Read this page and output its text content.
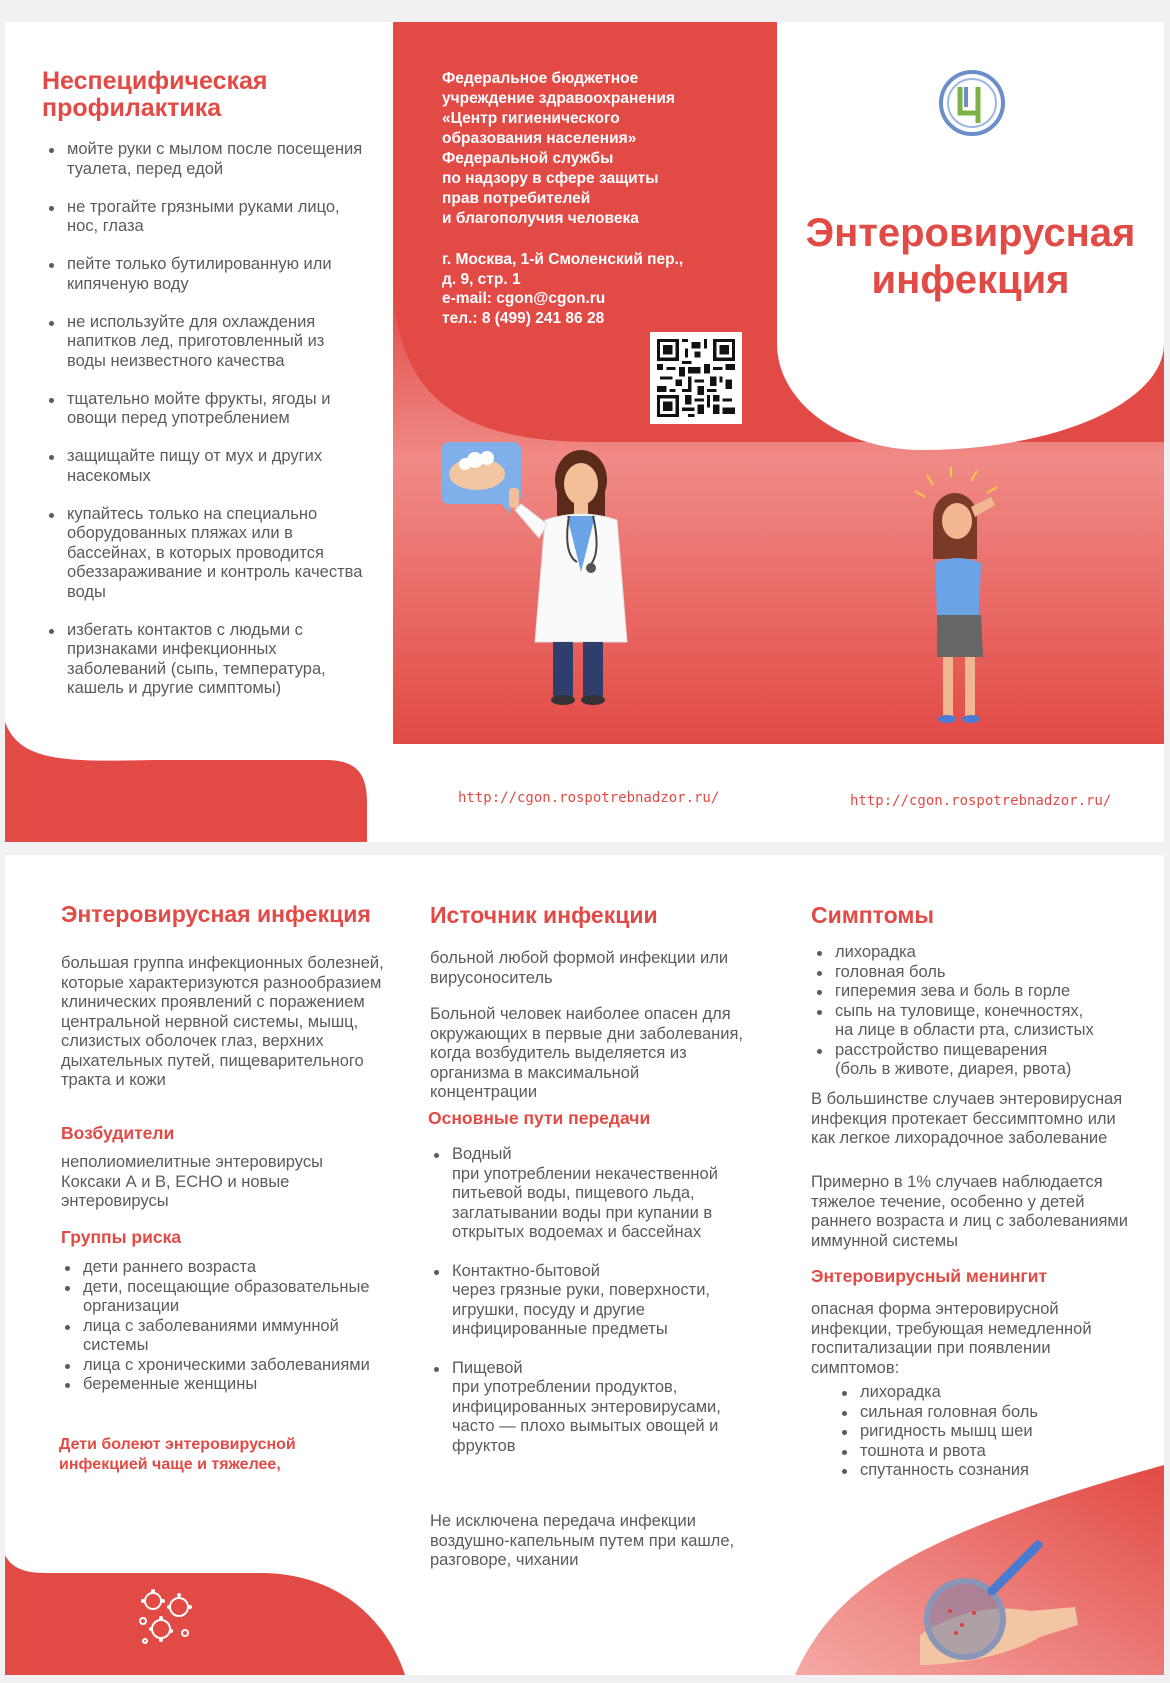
Неспецифическая профилактика
мойте руки с мылом после посещения туалета, перед едой
не трогайте грязными руками лицо, нос, глаза
пейте только бутилированную или кипяченую воду
не используйте для охлаждения напитков лед, приготовленный из воды неизвестного качества
тщательно мойте фрукты, ягоды и овощи перед употреблением
защищайте пищу от мух и других насекомых
купайтесь только на специально оборудованных пляжах или в бассейнах, в которых проводится обеззараживание и контроль качества воды
избегать контактов с людьми с признаками инфекционных заболеваний (сыпь, температура, кашель и другие симптомы)
Федеральное бюджетное
учреждение здравоохранения
«Центр гигиенического
образования населения»
Федеральной службы
по надзору в сфере защиты
прав потребителей
и благополучия человека
г. Москва, 1-й Смоленский пер.,
д. 9, стр. 1
e-mail: cgon@cgon.ru
тел.: 8 (499) 241 86 28
Энтеровирусная инфекция
http://cgon.rospotrebnadzor.ru/	http://cgon.rospotrebnadzor.ru/
Энтеровирусная инфекция
большая группа инфекционных болезней, которые характеризуются разнообразием клинических проявлений с поражением центральной нервной системы, мышц, слизистых оболочек глаз, верхних дыхательных путей, пищеварительного тракта и кожи
Возбудители
неполиомиелитные энтеровирусы Коксаки А и В, ЕСНО и новые энтеровирусы
Группы риска
дети раннего возраста
дети, посещающие образовательные организации
лица с заболеваниями иммунной системы
лица с хроническими заболеваниями
беременные женщины
Дети болеют энтеровирусной инфекцией чаще и тяжелее,
Источник инфекции
больной любой формой инфекции или вирусоноситель
Больной человек наиболее опасен для окружающих в первые дни заболевания, когда возбудитель выделяется из организма в максимальной концентрации
Основные пути передачи
Водный
при употреблении некачественной питьевой воды, пищевого льда, заглатывании воды при купании в открытых водоемах и бассейнах
Контактно-бытовой
через грязные руки, поверхности, игрушки, посуду и другие инфицированные предметы
Пищевой
при употреблении продуктов, инфицированных энтеровирусами, часто — плохо вымытых овощей и фруктов
Не исключена передача инфекции воздушно-капельным путем при кашле, разговоре, чихании
Симптомы
лихорадка
головная боль
гиперемия зева и боль в горле
сыпь на туловище, конечностях,
на лице в области рта, слизистых
расстройство пищеварения
(боль в животе, диарея, рвота)
В большинстве случаев энтеровирусная инфекция протекает бессимптомно или как легкое лихорадочное заболевание
Примерно в 1% случаев наблюдается тяжелое течение, особенно у детей раннего возраста и лиц с заболеваниями иммунной системы
Энтеровирусный менингит
опасная форма энтеровирусной инфекции, требующая немедленной госпитализации при появлении симптомов:
лихорадка
сильная головная боль
ригидность мышц шеи
тошнота и рвота
спутанность сознания
